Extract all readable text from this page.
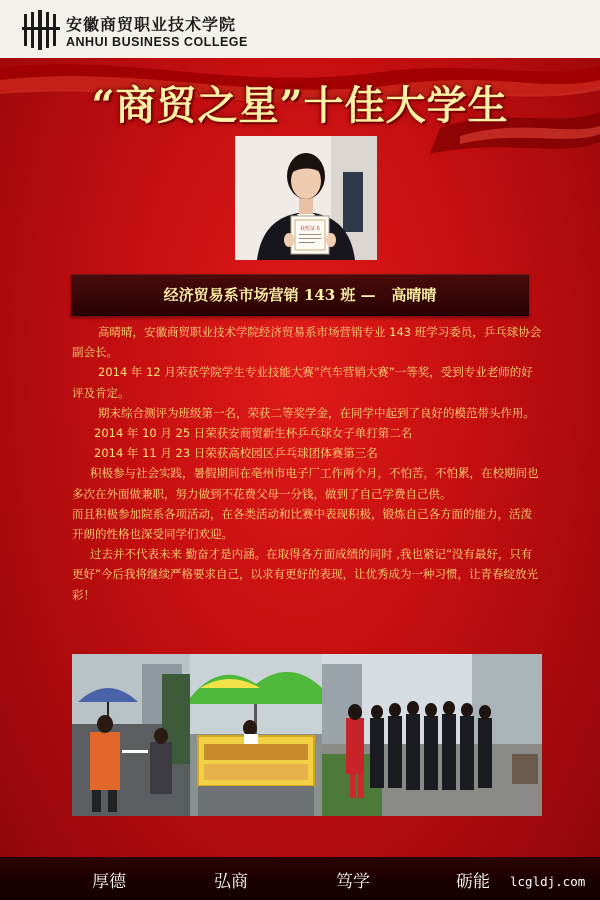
安徽商贸职业技术学院
ANHUI BUSINESS COLLEGE
“商贸之星”十佳大学生
获奖证书
经济贸易系市场营销 143 班 —   高晴晴

高晴晴，安徽商贸职业技术学院经济贸易系市场营销专业 143 班学习委员，乒乓球协会副会长。

2014 年 12 月荣获学院学生专业技能大赛“汽车营销大赛”一等奖，受到专业老师的好评及肯定。

期末综合测评为班级第一名，荣获二等奖学金，在同学中起到了良好的模范带头作用。

2014 年 10 月 25 日荣获安商贸新生杯乒乓球女子单打第二名

2014 年 11 月 23 日荣获高校园区乒乓球团体赛第三名

积极参与社会实践，暑假期间在亳州市电子厂工作两个月，不怕苦，不怕累，在校期间也多次在外面做兼职，努力做到不花费父母一分钱，做到了自己学费自己供。

而且积极参加院系各项活动，在各类活动和比赛中表现积极，锻炼自己各方面的能力，活泼开朗的性格也深受同学们欢迎。

过去并不代表未来 勤奋才是内涵。在取得各方面成绩的同时 ,我也紧记“没有最好，只有更好”今后我将继续严格要求自己，以求有更好的表现，让优秀成为一种习惯，让青春绽放光彩！

厚德	弘商	笃学	砺能 lcgldj.com
